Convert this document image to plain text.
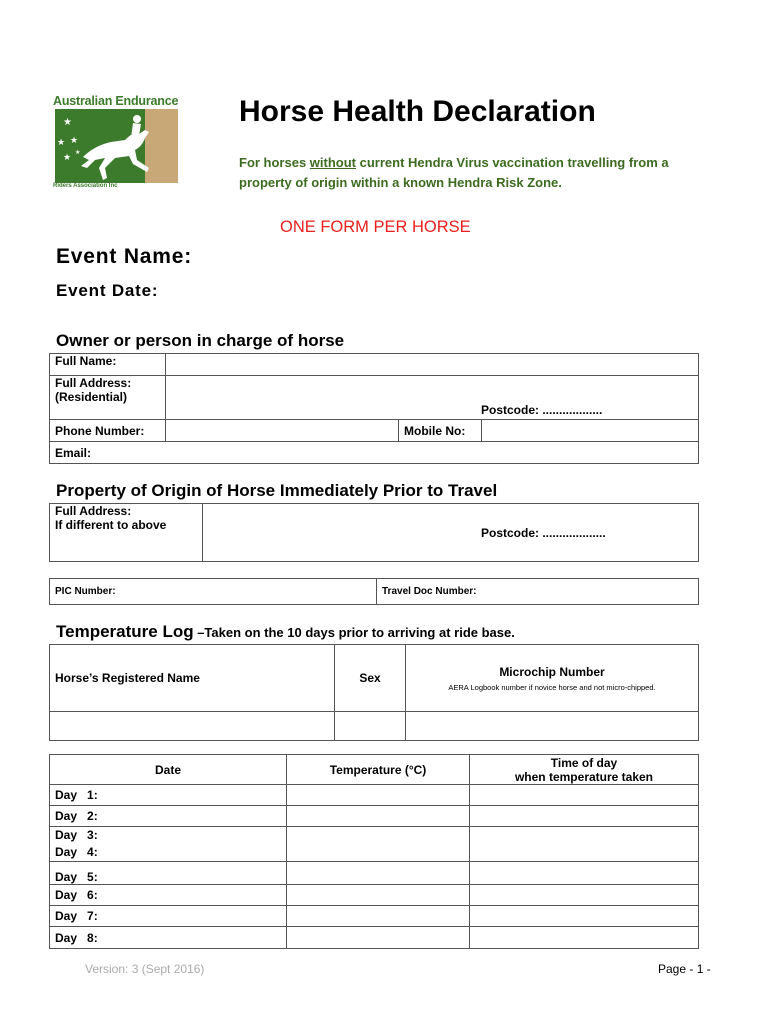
★
★ ★
★
★
Australian Endurance
Riders Association Inc
Horse Health Declaration
For horses without current Hendra Virus vaccination travelling from a property of origin within a known Hendra Risk Zone.
ONE FORM PER HORSE
Event Name:
Event Date:
Owner or person in charge of horse
Full Name:			

Full Address:
(Residential)	Postcode: ..................		

Phone Number:		Mobile No:	
Email:			
Property of Origin of Horse Immediately Prior to Travel
Full Address:
If different to above

Postcode: ...................
PIC Number:	Travel Doc Number:
Temperature Log –Taken on the 10 days prior to arriving at ride base.
Horse’s Registered Name	Sex	Microchip Number
AERA Logbook number if novice horse and not micro-chipped.

Date	Temperature (°C)	Time of day
when temperature taken

Day   1:		
Day   2:		

Day   3:
Day   4:		

Day   5:		
Day   6:		
Day   7:		
Day   8:		
Version: 3 (Sept 2016)	Page - 1 -
